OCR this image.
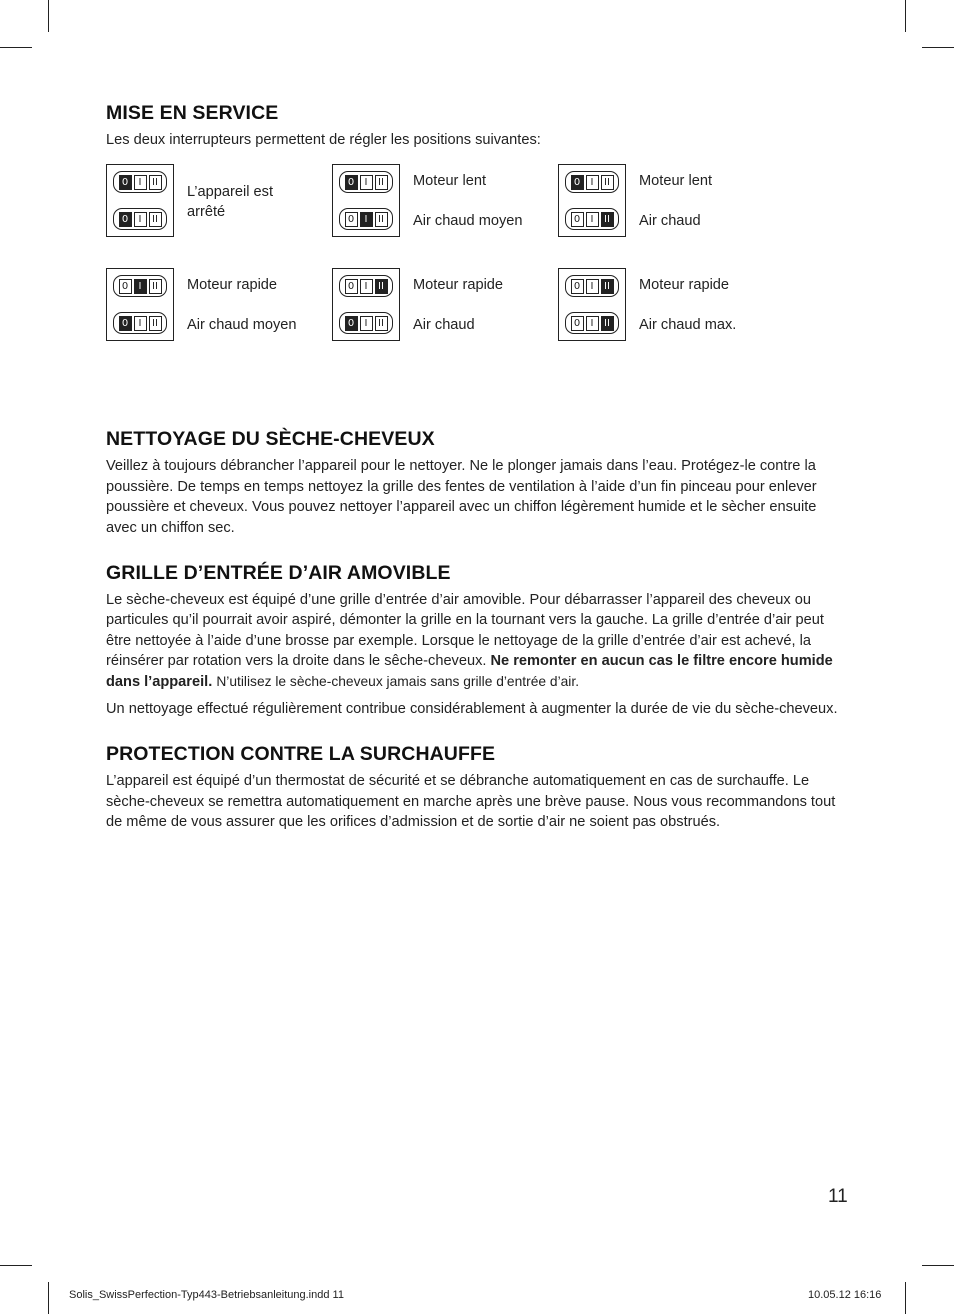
MISE EN SERVICE

Les deux interrupteurs permettent de régler les positions suivantes:

0	I	II
0	I	II
L’appareil est arrêté
0	I	II
0	I	II
Moteur lent
Air chaud moyen
0	I	II
0	I	II
Moteur lent
Air chaud
0	I	II
0	I	II
Moteur rapide
Air chaud moyen
0	I	II
0	I	II
Moteur rapide
Air chaud
0	I	II
0	I	II
Moteur rapide
Air chaud max.
NETTOYAGE DU SÈCHE-CHEVEUX

Veillez à toujours débrancher l’appareil pour le nettoyer. Ne le plonger jamais dans l’eau. Protégez-le contre la poussière. De temps en temps nettoyez la grille des fentes de ventilation à l’aide d’un fin pinceau pour enlever poussière et cheveux. Vous pouvez nettoyer l’appareil avec un chiffon légèrement humide et le sècher ensuite avec un chiffon sec.

GRILLE D’ENTRÉE D’AIR AMOVIBLE

Le sèche-cheveux est équipé d’une grille d’entrée d’air amovible. Pour débarrasser l’appareil des cheveux ou particules qu’il pourrait avoir aspiré, démonter la grille en la tournant vers la gauche. La grille d’entrée d’air peut être nettoyée à l’aide d’une brosse par exemple. Lorsque le nettoyage de la grille d’entrée d’air est achevé, la réinsérer par rotation vers la droite dans le sêche-cheveux. Ne remonter en aucun cas le filtre encore humide dans l’appareil. N’utilisez le sèche-cheveux jamais sans grille d’entrée d’air.

Un nettoyage effectué régulièrement contribue considérablement à augmenter la durée de vie du sèche-cheveux.

PROTECTION CONTRE LA SURCHAUFFE

L’appareil est équipé d’un thermostat de sécurité et se débranche automatiquement en cas de surchauffe. Le sèche-cheveux se remettra automatiquement en marche après une brève pause. Nous vous recommandons tout de même de vous assurer que les orifices d’admission et de sortie d’air ne soient pas obstrués.

11
Solis_SwissPerfection-Typ443-Betriebsanleitung.indd 11	10.05.12 16:16
